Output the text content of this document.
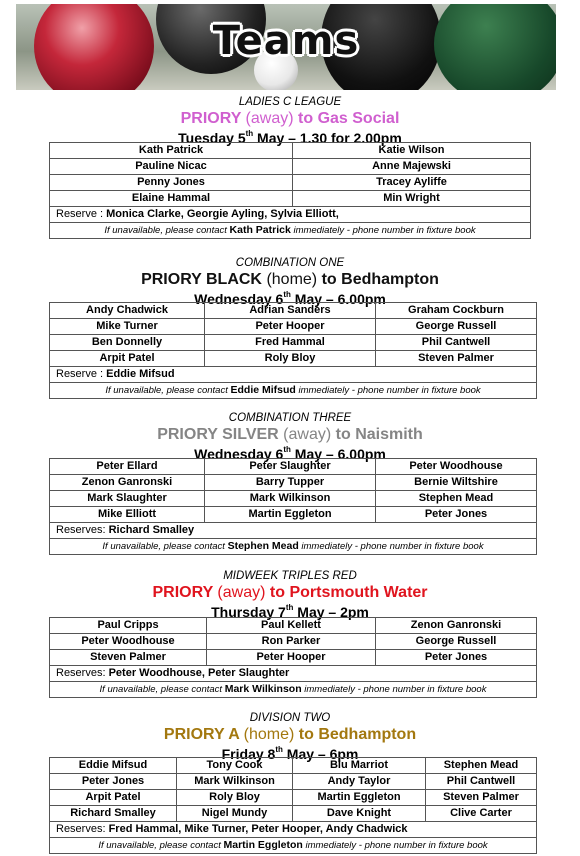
Teams
LADIES C LEAGUE
PRIORY (away) to Gas Social
Tuesday 5th May – 1.30 for 2.00pm
Kath Patrick	Katie Wilson
Pauline Nicac	Anne Majewski
Penny Jones	Tracey Ayliffe
Elaine Hammal	Min Wright
Reserve : Monica Clarke, Georgie Ayling, Sylvia Elliott,	
If unavailable, please contact Kath Patrick immediately - phone number in fixture book	
COMBINATION ONE
PRIORY BLACK (home) to Bedhampton
Wednesday 6th May – 6.00pm
Andy Chadwick	Adrian Sanders	Graham Cockburn
Mike Turner	Peter Hooper	George Russell
Ben Donnelly	Fred Hammal	Phil Cantwell
Arpit Patel	Roly Bloy	Steven Palmer
Reserve : Eddie Mifsud		
If unavailable, please contact Eddie Mifsud immediately - phone number in fixture book		
COMBINATION THREE
PRIORY SILVER (away) to Naismith
Wednesday 6th May – 6.00pm
Peter Ellard	Peter Slaughter	Peter Woodhouse
Zenon Ganronski	Barry Tupper	Bernie Wiltshire
Mark Slaughter	Mark Wilkinson	Stephen Mead
Mike Elliott	Martin Eggleton	Peter Jones
Reserves: Richard Smalley		
If unavailable, please contact Stephen Mead immediately - phone number in fixture book		
MIDWEEK TRIPLES RED
PRIORY (away) to Portsmouth Water
Thursday 7th May – 2pm
Paul Cripps	Paul Kellett	Zenon Ganronski
Peter Woodhouse	Ron Parker	George Russell
Steven Palmer	Peter Hooper	Peter Jones
Reserves: Peter Woodhouse, Peter Slaughter		
If unavailable, please contact Mark Wilkinson immediately - phone number in fixture book		
DIVISION TWO
PRIORY A (home) to Bedhampton
Friday 8th May – 6pm
Eddie Mifsud	Tony Cook	Blu Marriot	Stephen Mead
Peter Jones	Mark Wilkinson	Andy Taylor	Phil Cantwell
Arpit Patel	Roly Bloy	Martin Eggleton	Steven Palmer
Richard Smalley	Nigel Mundy	Dave Knight	Clive Carter
Reserves: Fred Hammal, Mike Turner, Peter Hooper, Andy Chadwick			
If unavailable, please contact Martin Eggleton immediately - phone number in fixture book			
